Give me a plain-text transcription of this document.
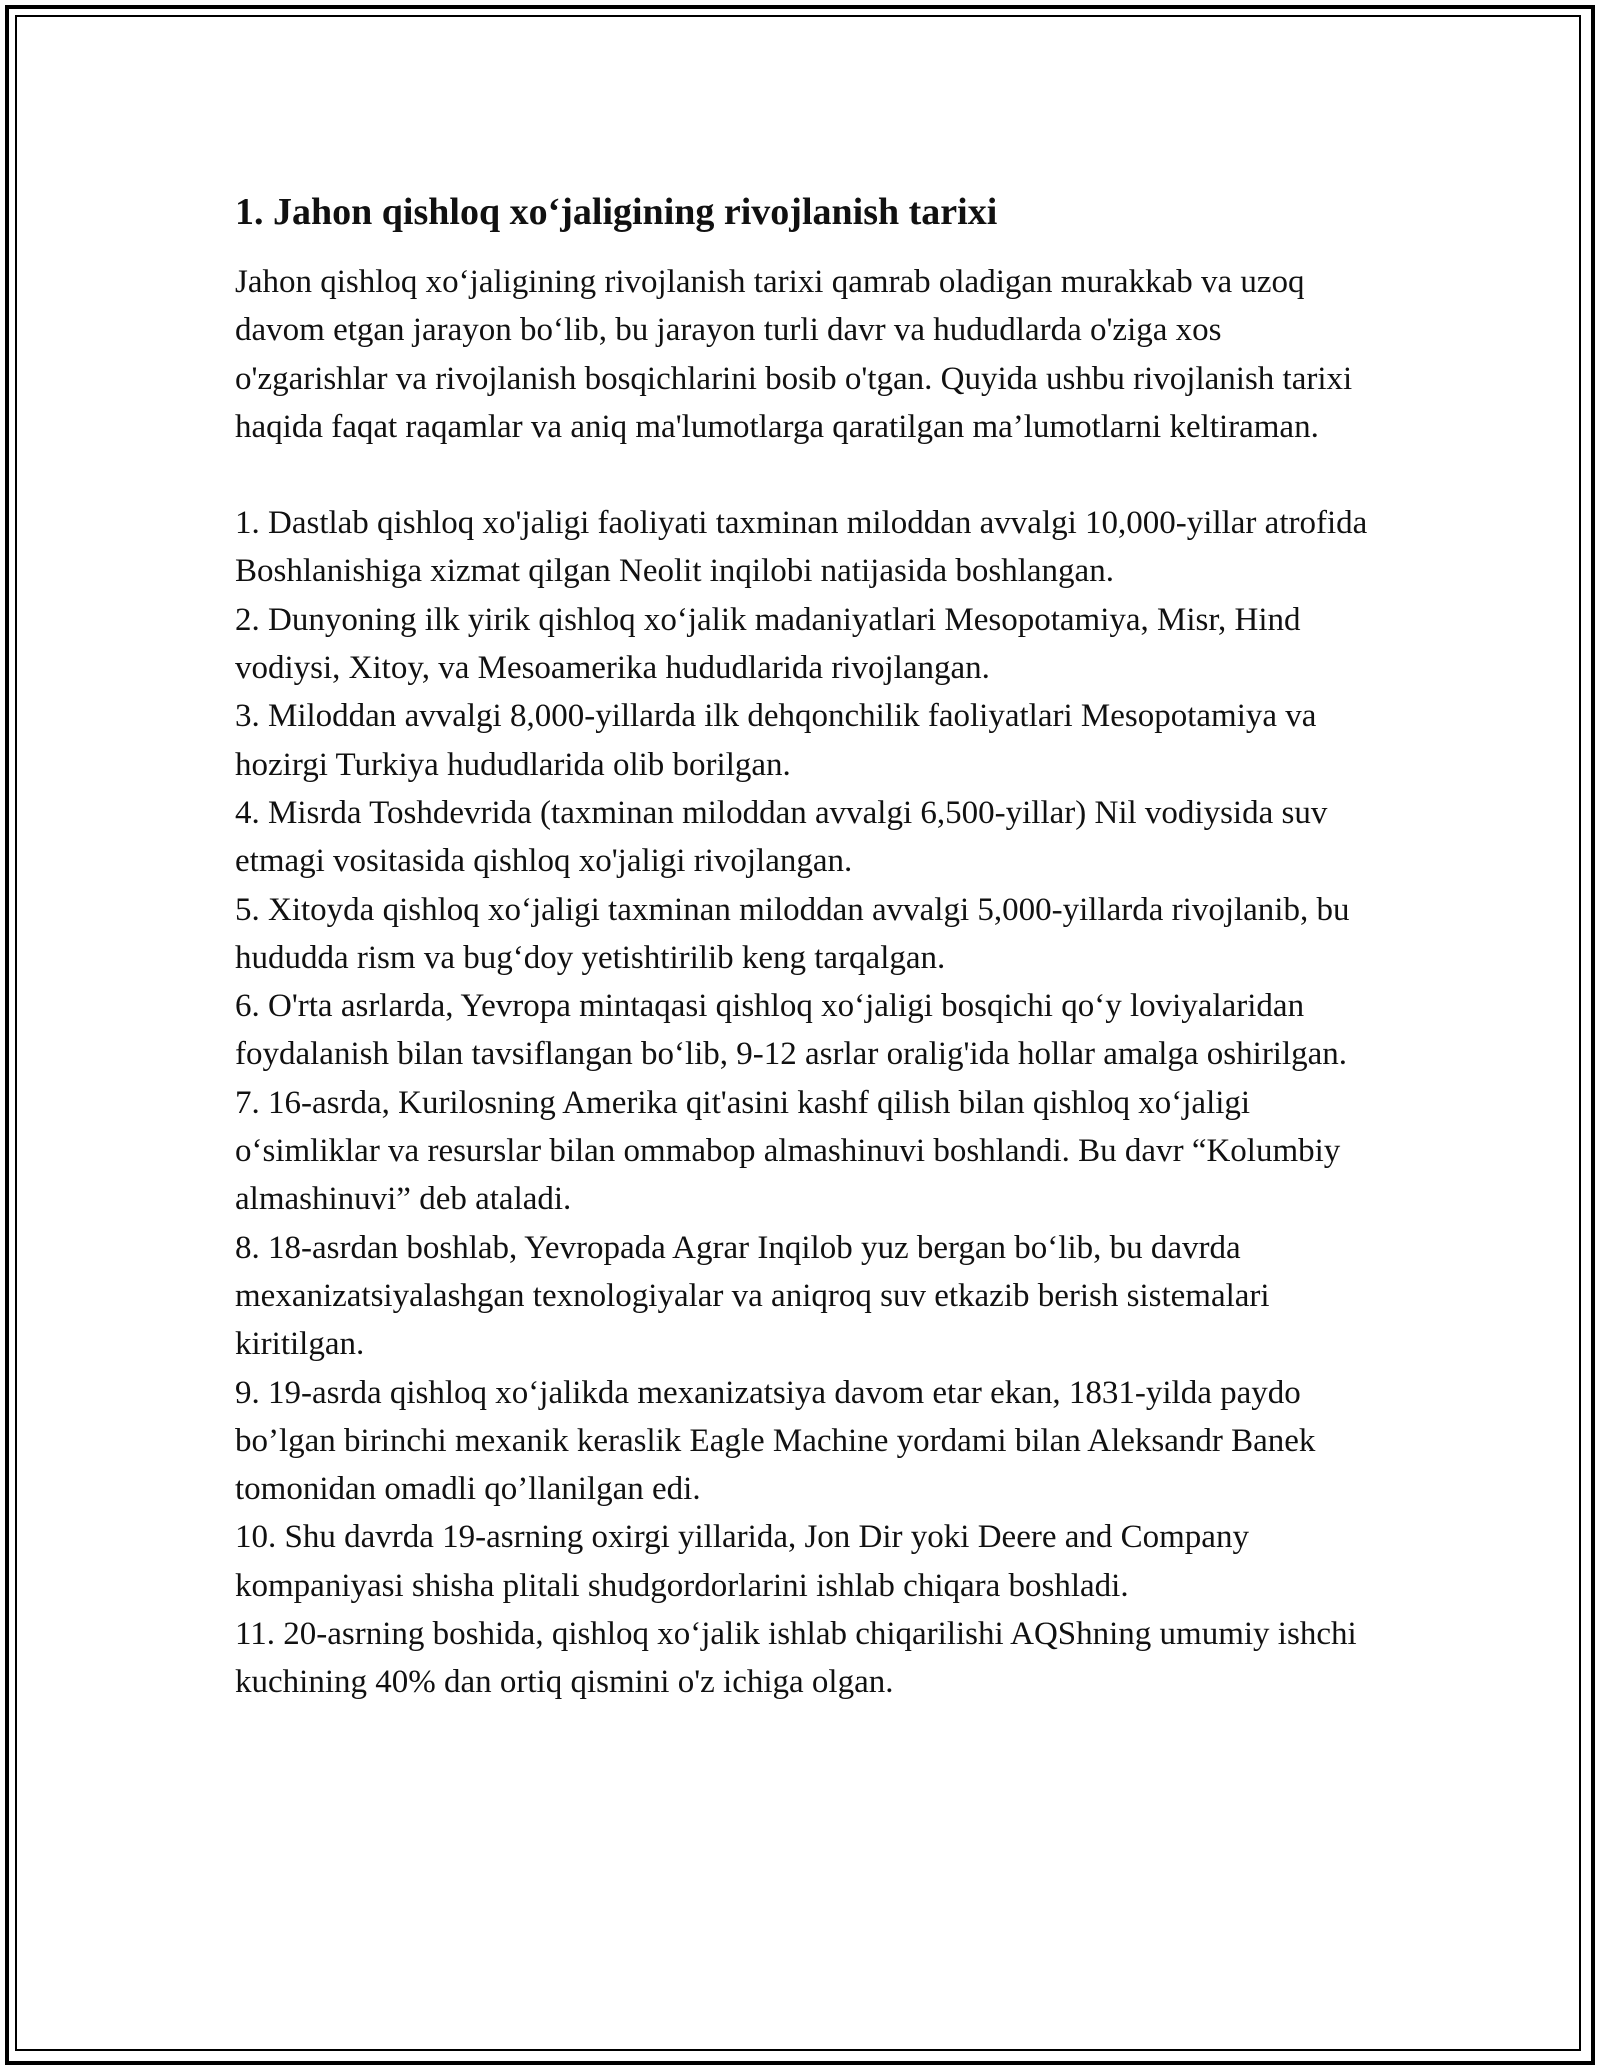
1. Jahon qishloq xo‘jaligining rivojlanish tarixi

Jahon qishloq xo‘jaligining rivojlanish tarixi qamrab oladigan murakkab va uzoq davom etgan jarayon bo‘lib, bu jarayon turli davr va hududlarda o'ziga xos o'zgarishlar va rivojlanish bosqichlarini bosib o'tgan. Quyida ushbu rivojlanish tarixi haqida faqat raqamlar va aniq ma'lumotlarga qaratilgan ma’lumotlarni keltiraman.

1. Dastlab qishloq xo'jaligi faoliyati taxminan miloddan avvalgi 10,000-yillar atrofida Boshlanishiga xizmat qilgan Neolit inqilobi natijasida boshlangan.

2. Dunyoning ilk yirik qishloq xo‘jalik madaniyatlari Mesopotamiya, Misr, Hind vodiysi, Xitoy, va Mesoamerika hududlarida rivojlangan.

3. Miloddan avvalgi 8,000-yillarda ilk dehqonchilik faoliyatlari Mesopotamiya va hozirgi Turkiya hududlarida olib borilgan.

4. Misrda Toshdevrida (taxminan miloddan avvalgi 6,500-yillar) Nil vodiysida suv etmagi vositasida qishloq xo'jaligi rivojlangan.

5. Xitoyda qishloq xo‘jaligi taxminan miloddan avvalgi 5,000-yillarda rivojlanib, bu hududda rism va bug‘doy yetishtirilib keng tarqalgan.

6. O'rta asrlarda, Yevropa mintaqasi qishloq xo‘jaligi bosqichi qo‘y loviyalaridan foydalanish bilan tavsiflangan bo‘lib, 9-12 asrlar oralig'ida hollar amalga oshirilgan.

7. 16-asrda, Kurilosning Amerika qit'asini kashf qilish bilan qishloq xo‘jaligi o‘simliklar va resurslar bilan ommabop almashinuvi boshlandi. Bu davr “Kolumbiy almashinuvi” deb ataladi.

8. 18-asrdan boshlab, Yevropada Agrar Inqilob yuz bergan bo‘lib, bu davrda mexanizatsiyalashgan texnologiyalar va aniqroq suv etkazib berish sistemalari kiritilgan.

9. 19-asrda qishloq xo‘jalikda mexanizatsiya davom etar ekan, 1831-yilda paydo bo’lgan birinchi mexanik keraslik Eagle Machine yordami bilan Aleksandr Banek tomonidan omadli qo’llanilgan edi.

10. Shu davrda 19-asrning oxirgi yillarida, Jon Dir yoki Deere and Company kompaniyasi shisha plitali shudgordorlarini ishlab chiqara boshladi.

11. 20-asrning boshida, qishloq xo‘jalik ishlab chiqarilishi AQShning umumiy ishchi kuchining 40% dan ortiq qismini o'z ichiga olgan.
